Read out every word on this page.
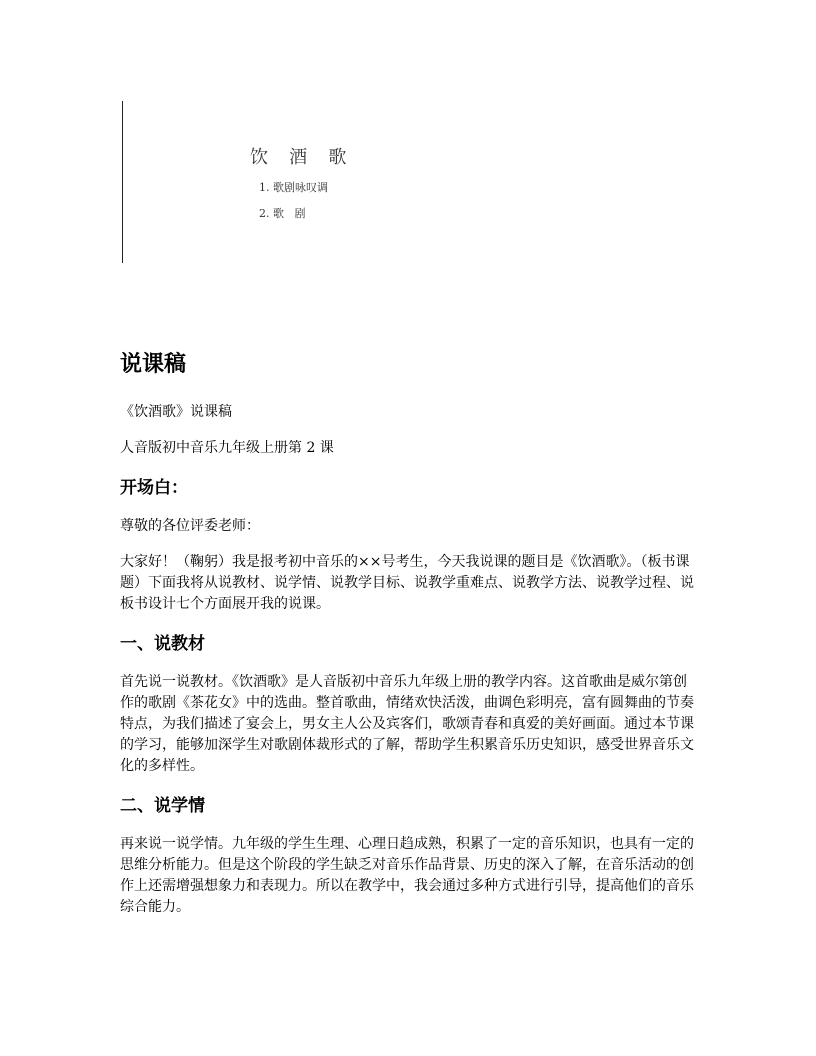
饮   酒   歌
1. 歌剧咏叹调
2. 歌   剧
说课稿

《饮酒歌》说课稿

人音版初中音乐九年级上册第 2 课

开场白：

尊敬的各位评委老师：

大家好！（鞠躬）我是报考初中音乐的××号考生，今天我说课的题目是《饮酒歌》。（板书课题）下面我将从说教材、说学情、说教学目标、说教学重难点、说教学方法、说教学过程、说板书设计七个方面展开我的说课。

一、说教材

首先说一说教材。《饮酒歌》是人音版初中音乐九年级上册的教学内容。这首歌曲是威尔第创作的歌剧《茶花女》中的选曲。整首歌曲，情绪欢快活泼，曲调色彩明亮，富有圆舞曲的节奏特点，为我们描述了宴会上，男女主人公及宾客们，歌颂青春和真爱的美好画面。通过本节课的学习，能够加深学生对歌剧体裁形式的了解，帮助学生积累音乐历史知识，感受世界音乐文化的多样性。

二、说学情

再来说一说学情。九年级的学生生理、心理日趋成熟，积累了一定的音乐知识，也具有一定的思维分析能力。但是这个阶段的学生缺乏对音乐作品背景、历史的深入了解，在音乐活动的创作上还需增强想象力和表现力。所以在教学中，我会通过多种方式进行引导，提高他们的音乐综合能力。
